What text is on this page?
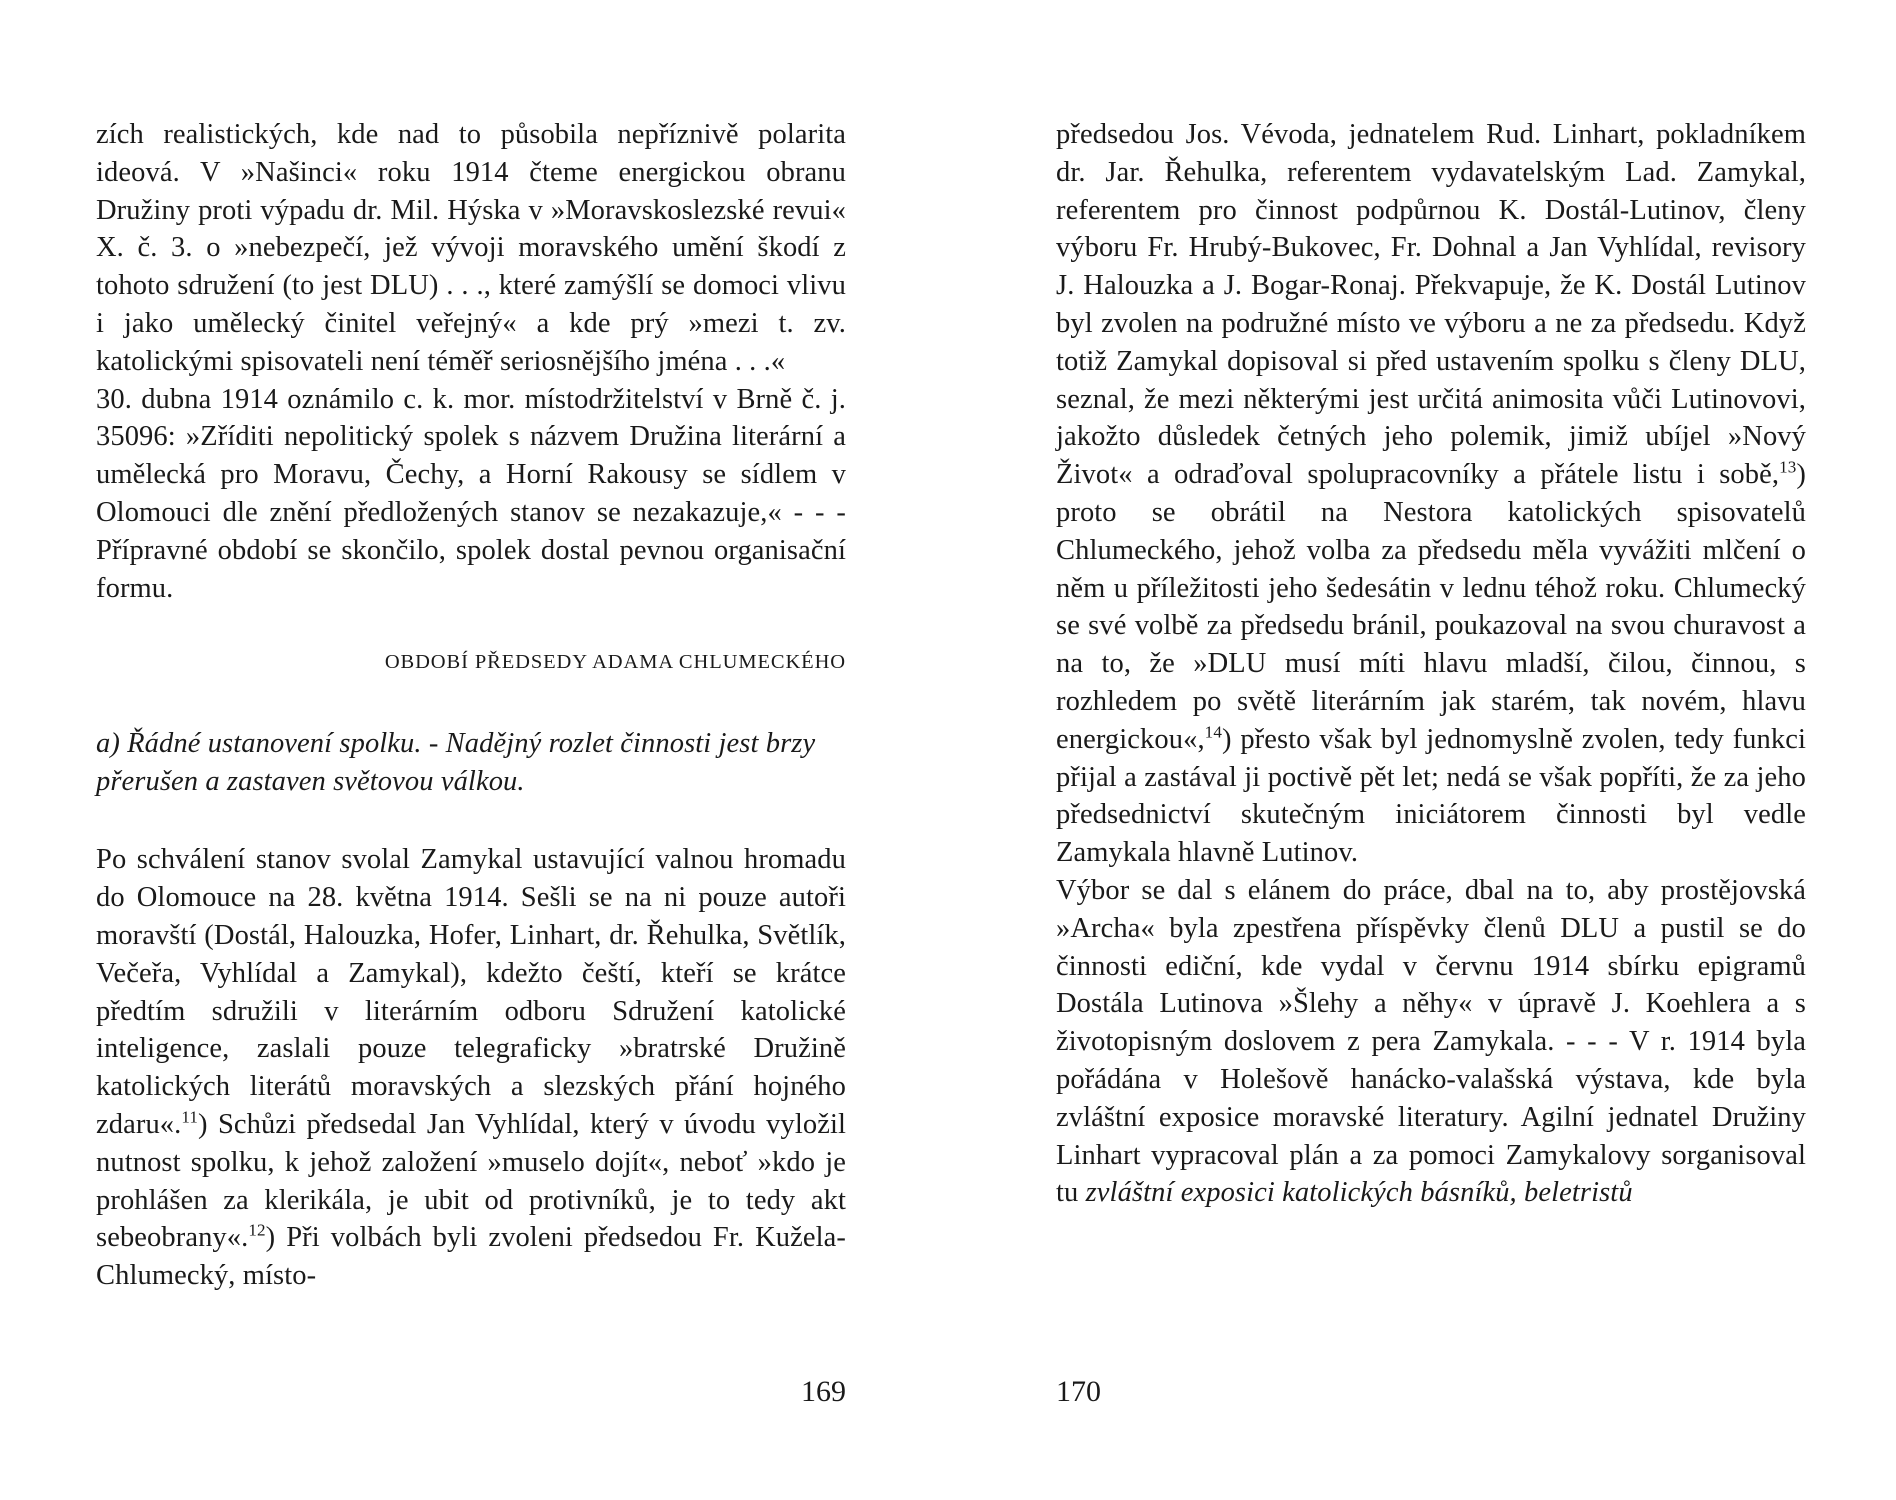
zích realistických, kde nad to působila nepříznivě polarita ideová. V »Našinci« roku 1914 čteme energickou obranu Družiny proti výpadu dr. Mil. Hýska v »Moravskoslezské revui« X. č. 3. o »nebezpečí, jež vývoji moravského umění škodí z tohoto sdružení (to jest DLU) . . ., které zamýšlí se domoci vlivu i jako umělecký činitel veřejný« a kde prý »mezi t. zv. katolickými spisovateli není téměř seriosnějšího jména . . .«

30. dubna 1914 oznámilo c. k. mor. místodržitelství v Brně č. j. 35096: »Zříditi nepolitický spolek s názvem Družina literární a umělecká pro Moravu, Čechy, a Horní Rakousy se sídlem v Olomouci dle znění předložených stanov se nezakazuje,« - - - Přípravné období se skončilo, spolek dostal pevnou organisační formu.

OBDOBÍ PŘEDSEDY ADAMA CHLUMECKÉHO

a) Řádné ustanovení spolku. - Nadějný rozlet činnosti jest brzy přerušen a zastaven světovou válkou.

Po schválení stanov svolal Zamykal ustavující valnou hromadu do Olomouce na 28. května 1914. Sešli se na ni pouze autoři moravští (Dostál, Halouzka, Hofer, Linhart, dr. Řehulka, Světlík, Večeřa, Vyhlídal a Zamykal), kdežto čeští, kteří se krátce předtím sdružili v literárním odboru Sdružení katolické inteligence, zaslali pouze telegraficky »bratrské Družině katolických literátů moravských a slezských přání hojného zdaru«.$^{11}$) Schůzi předsedal Jan Vyhlídal, který v úvodu vyložil nutnost spolku, k jehož založení »muselo dojít«, neboť »kdo je prohlášen za klerikála, je ubit od protivníků, je to tedy akt sebeobrany«.$^{12}$) Při volbách byli zvoleni předsedou Fr. Kužela-Chlumecký, místo-

169

předsedou Jos. Vévoda, jednatelem Rud. Linhart, pokladníkem dr. Jar. Řehulka, referentem vydavatelským Lad. Zamykal, referentem pro činnost podpůrnou K. Dostál-Lutinov, členy výboru Fr. Hrubý-Bukovec, Fr. Dohnal a Jan Vyhlídal, revisory J. Halouzka a J. Bogar-Ronaj. Překvapuje, že K. Dostál Lutinov byl zvolen na podružné místo ve výboru a ne za předsedu. Když totiž Zamykal dopisoval si před ustavením spolku s členy DLU, seznal, že mezi některými jest určitá animosita vůči Lutinovovi, jakožto důsledek četných jeho polemik, jimiž ubíjel »Nový Život« a odraďoval spolupracovníky a přátele listu i sobě,$^{13}$) proto se obrátil na Nestora katolických spisovatelů Chlumeckého, jehož volba za předsedu měla vyvážiti mlčení o něm u příležitosti jeho šedesátin v lednu téhož roku. Chlumecký se své volbě za předsedu bránil, poukazoval na svou churavost a na to, že »DLU musí míti hlavu mladší, čilou, činnou, s rozhledem po světě literárním jak starém, tak novém, hlavu energickou«,$^{14}$) přesto však byl jednomyslně zvolen, tedy funkci přijal a zastával ji poctivě pět let; nedá se však popříti, že za jeho předsednictví skutečným iniciátorem činnosti byl vedle Zamykala hlavně Lutinov.

Výbor se dal s elánem do práce, dbal na to, aby prostějovská »Archa« byla zpestřena příspěvky členů DLU a pustil se do činnosti ediční, kde vydal v červnu 1914 sbírku epigramů Dostála Lutinova »Šlehy a něhy« v úpravě J. Koehlera a s životopisným doslovem z pera Zamykala. - - - V r. 1914 byla pořádána v Holešově hanácko-valašská výstava, kde byla zvláštní exposice moravské literatury. Agilní jednatel Družiny Linhart vypracoval plán a za pomoci Zamykalovy sorganisoval tu zvláštní exposici katolických básníků, beletristů

170
